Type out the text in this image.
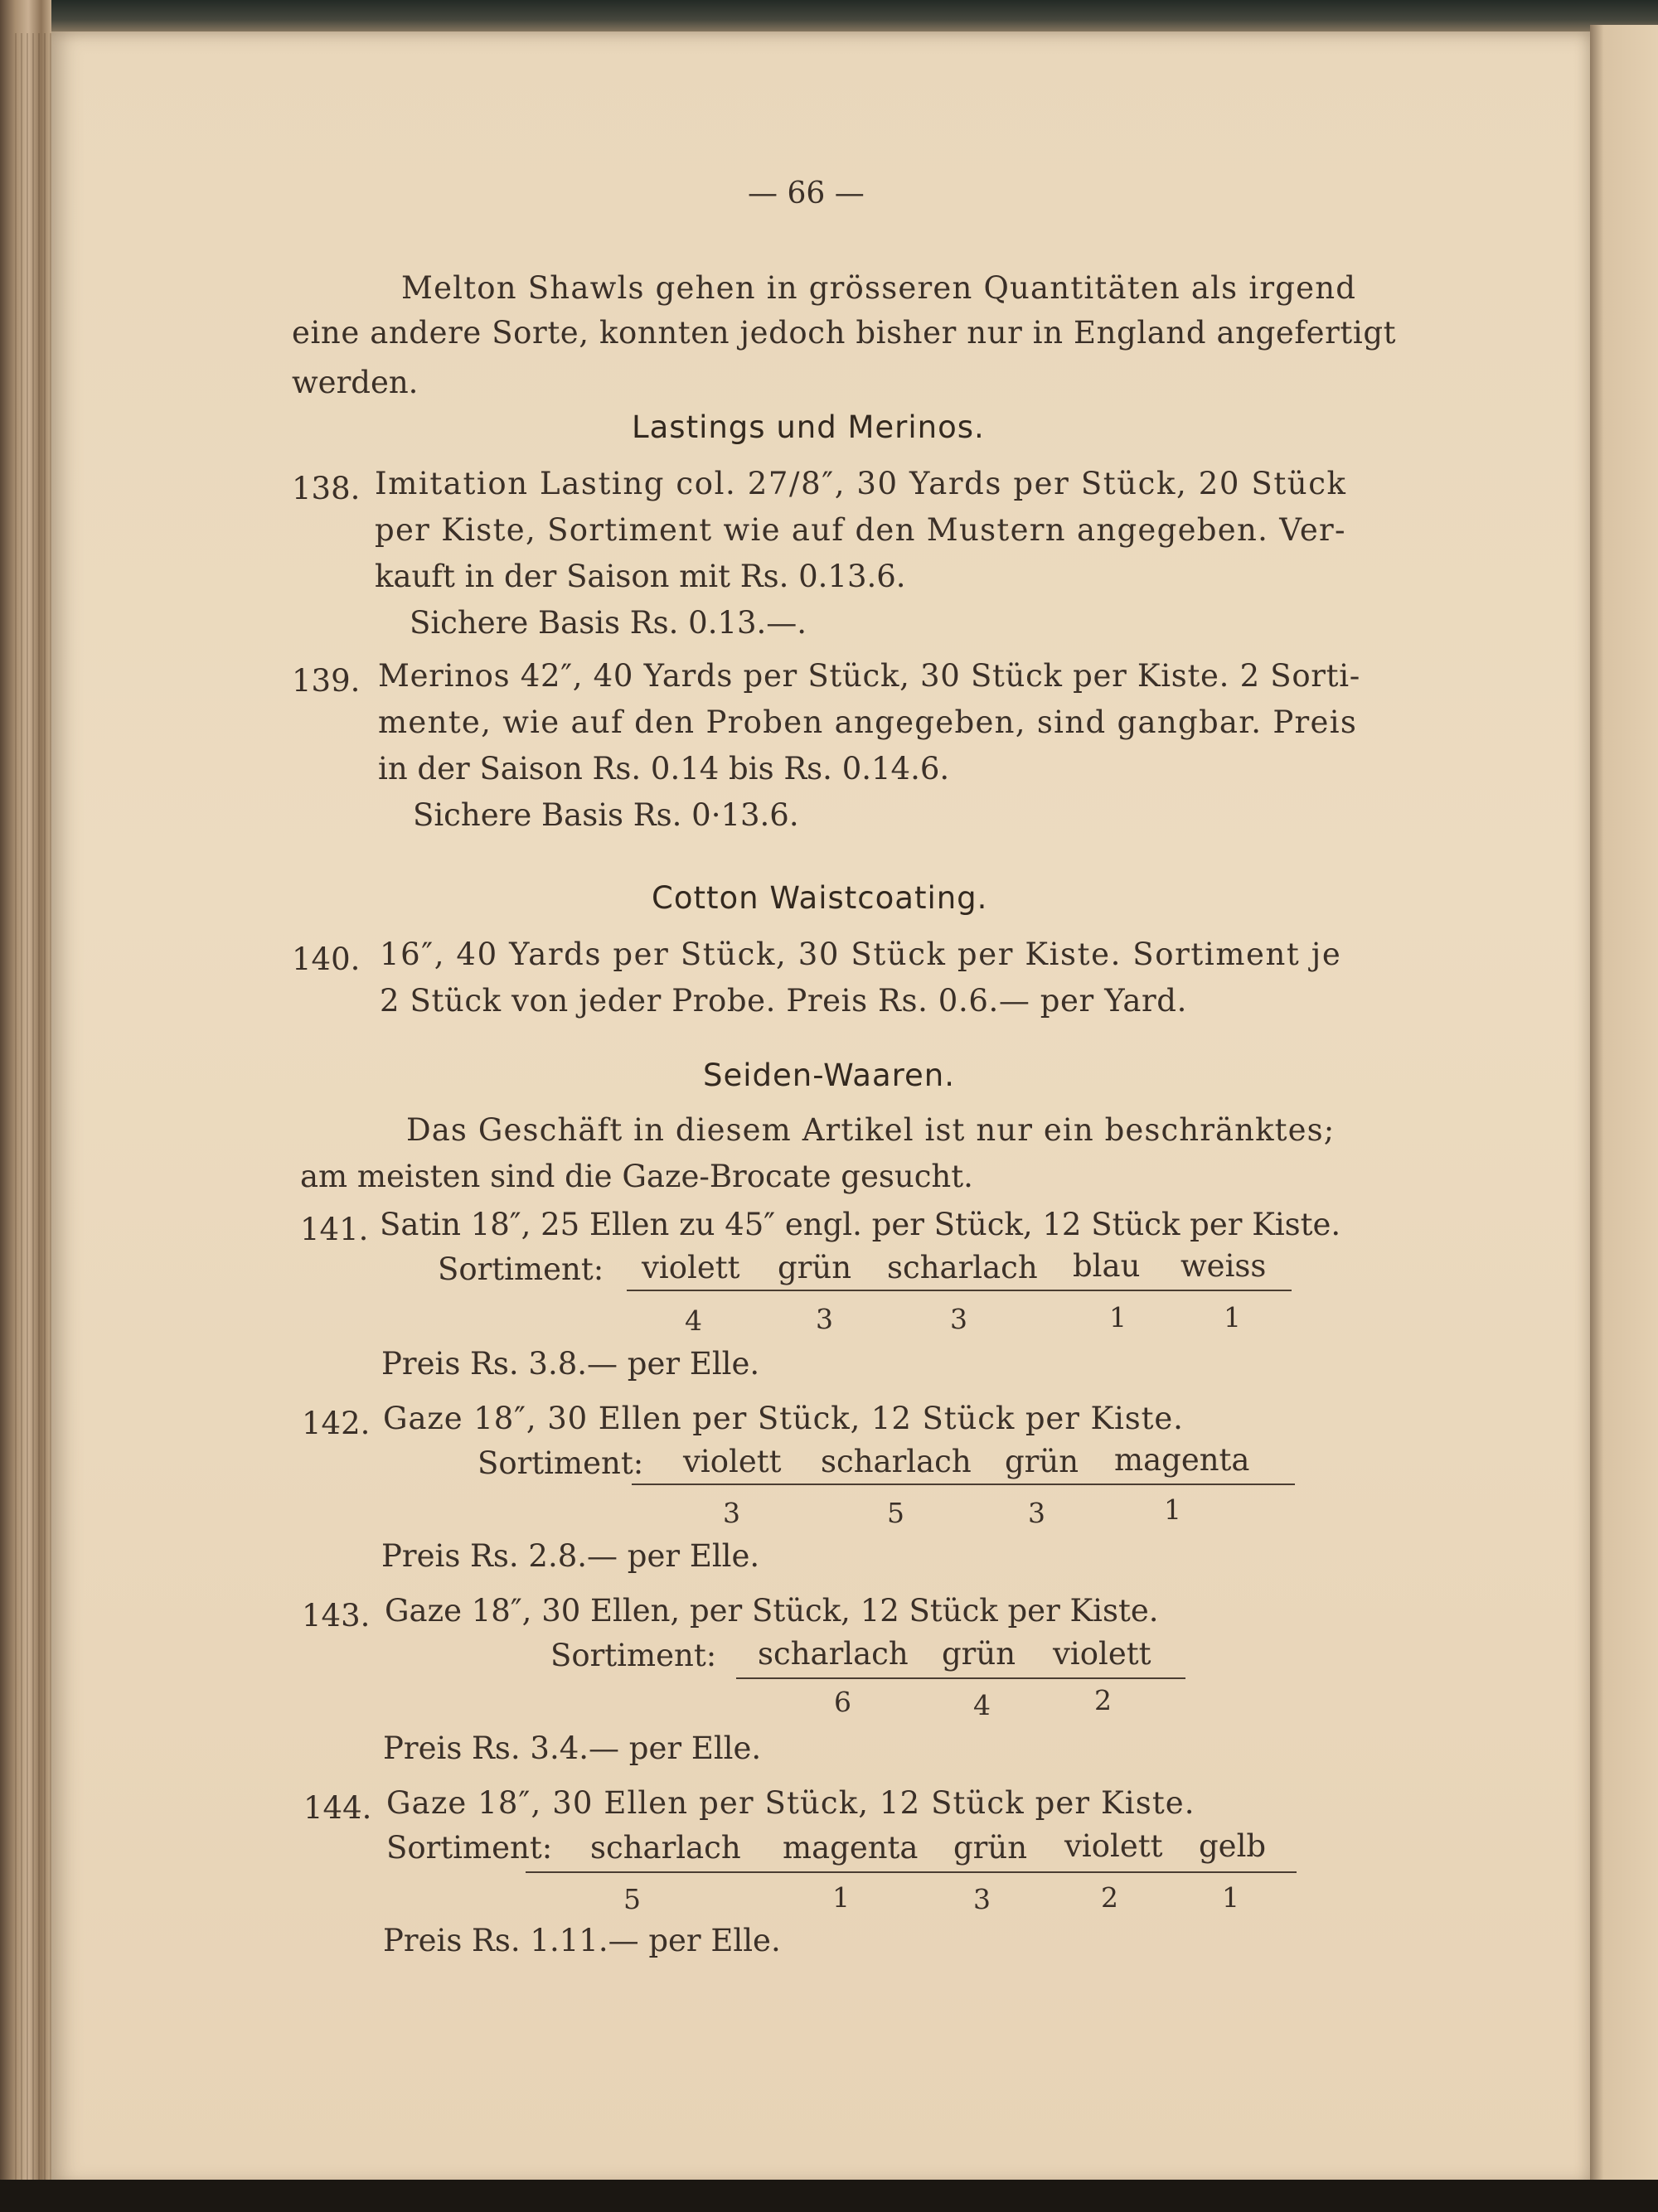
— 66 —
Melton Shawls gehen in grösseren Quantitäten als irgend
eine andere Sorte, konnten jedoch bisher nur in England angefertigt
werden.
Lastings und Merinos.
138. Imitation Lasting col. 27/8″, 30 Yards per Stück, 20 Stück
per Kiste, Sortiment wie auf den Mustern angegeben. Ver-
kauft in der Saison mit Rs. 0.13.6.
Sichere Basis Rs. 0.13.—.
139. Merinos 42″, 40 Yards per Stück, 30 Stück per Kiste. 2 Sorti-
mente, wie auf den Proben angegeben, sind gangbar. Preis
in der Saison Rs. 0.14 bis Rs. 0.14.6.
Sichere Basis Rs. 0·13.6.
Cotton Waistcoating.
140. 16″, 40 Yards per Stück, 30 Stück per Kiste. Sortiment je
2 Stück von jeder Probe. Preis Rs. 0.6.— per Yard.
Seiden-Waaren.
Das Geschäft in diesem Artikel ist nur ein beschränktes;
am meisten sind die Gaze-Brocate gesucht.
141. Satin 18″, 25 Ellen zu 45″ engl. per Stück, 12 Stück per Kiste.
Sortiment: violett grün scharlach blau weiss
4	3	3	1	1
Preis Rs. 3.8.— per Elle.
142. Gaze 18″, 30 Ellen per Stück, 12 Stück per Kiste.
Sortiment: violett scharlach grün magenta
3	5	3	1
Preis Rs. 2.8.— per Elle.
143. Gaze 18″, 30 Ellen, per Stück, 12 Stück per Kiste.
Sortiment: scharlach grün violett
6	4	2
Preis Rs. 3.4.— per Elle.
144. Gaze 18″, 30 Ellen per Stück, 12 Stück per Kiste.
Sortiment: scharlach magenta grün violett gelb
5	1	3	2	1
Preis Rs. 1.11.— per Elle.
